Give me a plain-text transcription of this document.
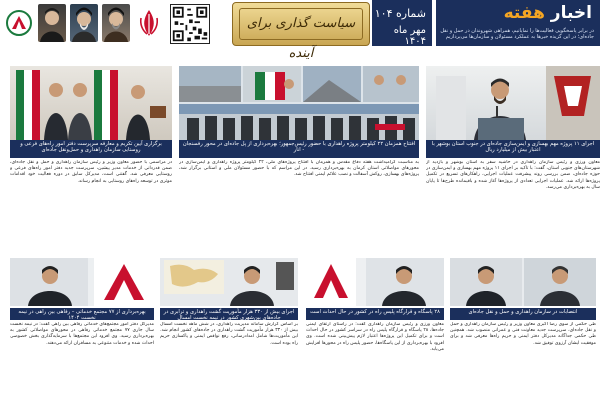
اخبار هفته
در برابر پاسخگویی فعالیت‌ها را نمایانیم، همراهی شهروندان در حمل و نقل جاده‌ای؛ در این گزیده خبرها به عملکرد مسئولان و سازمان‌ها می‌پردازیم
شماره ۱۰۴
مهر ماه ۱۴۰۴
سیاست گذاری برای آینده
اجرای ۱۱ پروژه مهم بهسازی و ایمن‌سازی جاده‌ای در جنوب استان بوشهر با اعتبار بیش از میلیارد ریال
افتتاح همزمان ۲۲ کیلومتر پروژه راهداری با حضور رئیس‌جمهور؛ بهره‌برداری از پل جاده‌ای در محور رفسنجان - انار
برگزاری آیین تکریم و معارفه سرپرست دفتر امور راه‌های فرعی و روستایی سازمان راهداری و حمل‌ونقل جاده‌ای
معاون ورزی و رئیس سازمان راهداری در حاشیه سفر به استان بوشهر و بازدید از شهرستان‌های جنوبی استان، گفت: با تاکید بر اجرای ۱۱ پروژه مهم بهسازی و ایمن‌سازی در حوزه جاده‌ای، ضمن بررسی روند پیشرفت عملیات اجرایی، راهکارهای تسریع در تکمیل پروژه‌ها ارائه شد. عملیات اجرایی تعدادی از پروژه‌ها آغاز شده و باقیمانده طرح‌ها تا پایان سال به بهره‌برداری می‌رسد.
به مناسبت گرامیداشت هفته دفاع مقدس و همزمان با افتتاح پروژه‌های ملی، ۲۲ کیلومتر پروژه راهداری و ایمن‌سازی در محورهای مواصلاتی استان کرمان به بهره‌برداری رسید. در این مراسم که با حضور مسئولان ملی و استانی برگزار شد، پروژه‌های بهسازی، روکش آسفالت و نصب علائم ایمنی افتتاح شد.
در مراسمی با حضور معاون وزیر و رئیس سازمان راهداری و حمل و نقل جاده‌ای، ضمن قدردانی از خدمات مدیر پیشین، سرپرست جدید دفتر امور راه‌های فرعی و روستایی معرفی شد. گفتنی است، مدیرکل سابق در دوره فعالیت خود اقدامات موثری در توسعه راه‌های روستایی به انجام رساند.
انتصابات در سازمان راهداری و حمل و نقل جاده‌ای
۲۸ پاسگاه و قرارگاه پلیس راه در کشور در حال احداث است
اجرای بیش از ۳۳۰ هزار مأموریت گشت راهداری و ترابری در جاده‌های بین‌شهری کشور در نیمه نخست امسال
بهره‌برداری از ۷۷ مجتمع خدماتی – رفاهی بین راهی در نیمه نخست ۱۴۰۴
طی حکمی از سوی رضا اکبری معاون وزیر و رئیس سازمان راهداری و حمل و نقل جاده‌ای، سرپرست جدید معاونت فنی و عمرانی منصوب شد. همچنین طی حکمی جداگانه مدیرکل دفتر ایمنی و حریم راه‌ها معرفی شد و برای موفقیت ایشان آرزوی توفیق شد.
معاون ورزی و رئیس سازمان راهداری گفت: در راستای ارتقای ایمنی جاده‌ها، ۲۸ پاسگاه و قرارگاه پلیس راه در سراسر کشور در حال احداث است و برای تکمیل این پروژه‌ها اعتبار لازم پیش‌بینی شده است. وی افزود با بهره‌برداری از این پاسگاه‌ها، حضور پلیس راه در محورها افزایش می‌یابد.
بر اساس گزارش سامانه مدیریت راهداری، در شش ماهه نخست امسال بیش از ۳۳۰ هزار مأموریت گشت راهداری در جاده‌های کشور انجام شد. این مأموریت‌ها شامل امدادرسانی، رفع نواقص ایمنی و پاکسازی حریم راه بوده است.
مدیرکل دفتر امور مجتمع‌های خدماتی رفاهی بین راهی گفت: در نیمه نخست سال جاری ۷۷ مجتمع خدماتی رفاهی در محورهای مواصلاتی کشور به بهره‌برداری رسید. وی افزود این مجتمع‌ها با سرمایه‌گذاری بخش خصوصی احداث شده و خدمات متنوعی به مسافران ارائه می‌دهند.
